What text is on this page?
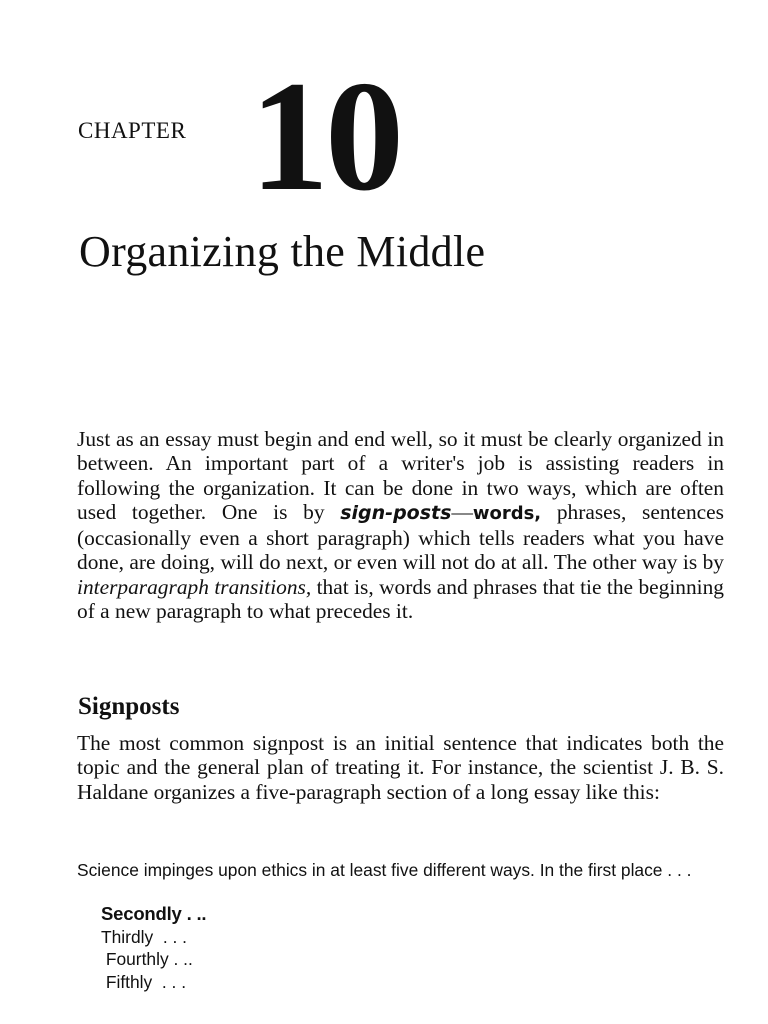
CHAPTER 10
Organizing the Middle
Just as an essay must begin and end well, so it must be clearly organized in between. An important part of a writer's job is assisting readers in following the organization. It can be done in two ways, which are often used together. One is by sign-posts—words, phrases, sentences (occasionally even a short paragraph) which tells readers what you have done, are doing, will do next, or even will not do at all. The other way is by interparagraph transitions, that is, words and phrases that tie the beginning of a new paragraph to what precedes it.
Signposts
The most common signpost is an initial sentence that indicates both the topic and the general plan of treating it. For instance, the scientist J. B. S. Haldane organizes a five-paragraph section of a long essay like this:
Science impinges upon ethics in at least five different ways. In the first place . . .
Secondly . ..
Thirdly  . . .
Fourthly . ..
Fifthly  . . .
